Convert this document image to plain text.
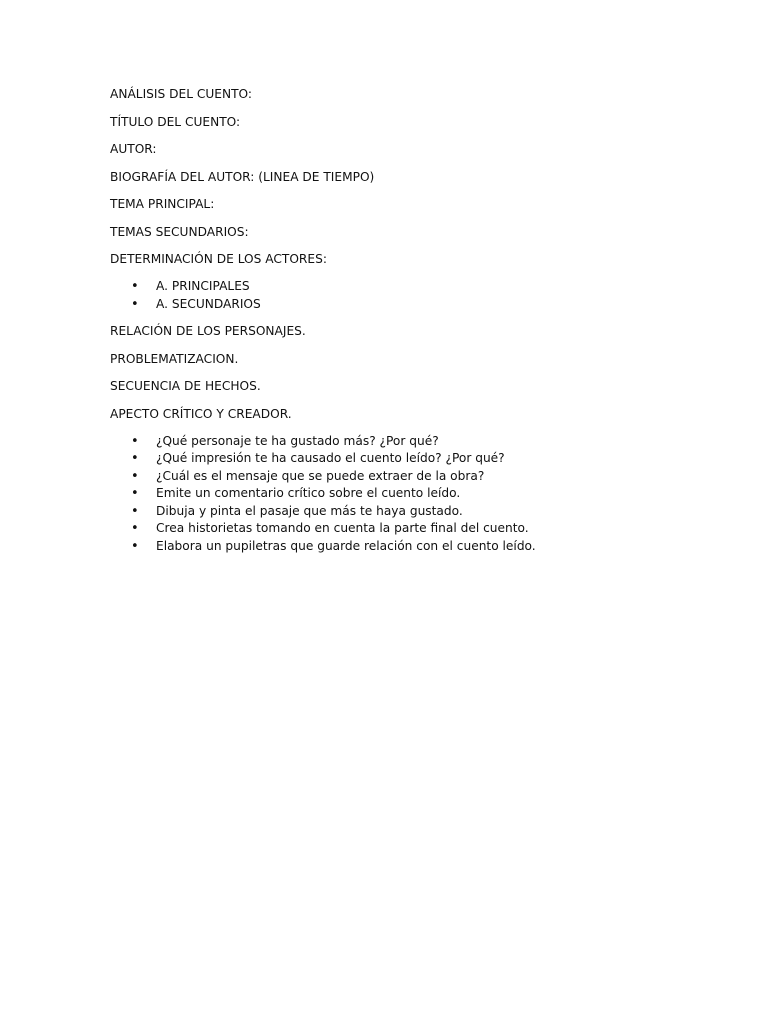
ANÁLISIS DEL CUENTO:

TÍTULO DEL CUENTO:

AUTOR:

BIOGRAFÍA DEL AUTOR: (LINEA DE TIEMPO)

TEMA PRINCIPAL:

TEMAS SECUNDARIOS:

DETERMINACIÓN DE LOS ACTORES:

• A. PRINCIPALES
• A. SECUNDARIOS

RELACIÓN DE LOS PERSONAJES.

PROBLEMATIZACION.

SECUENCIA DE HECHOS.

APECTO CRÍTICO Y CREADOR.

• ¿Qué personaje te ha gustado más? ¿Por qué?
• ¿Qué impresión te ha causado el cuento leído? ¿Por qué?
• ¿Cuál es el mensaje que se puede extraer de la obra?
• Emite un comentario crítico sobre el cuento leído.
• Dibuja y pinta el pasaje que más te haya gustado.
• Crea historietas tomando en cuenta la parte final del cuento.
• Elabora un pupiletras que guarde relación con el cuento leído.
